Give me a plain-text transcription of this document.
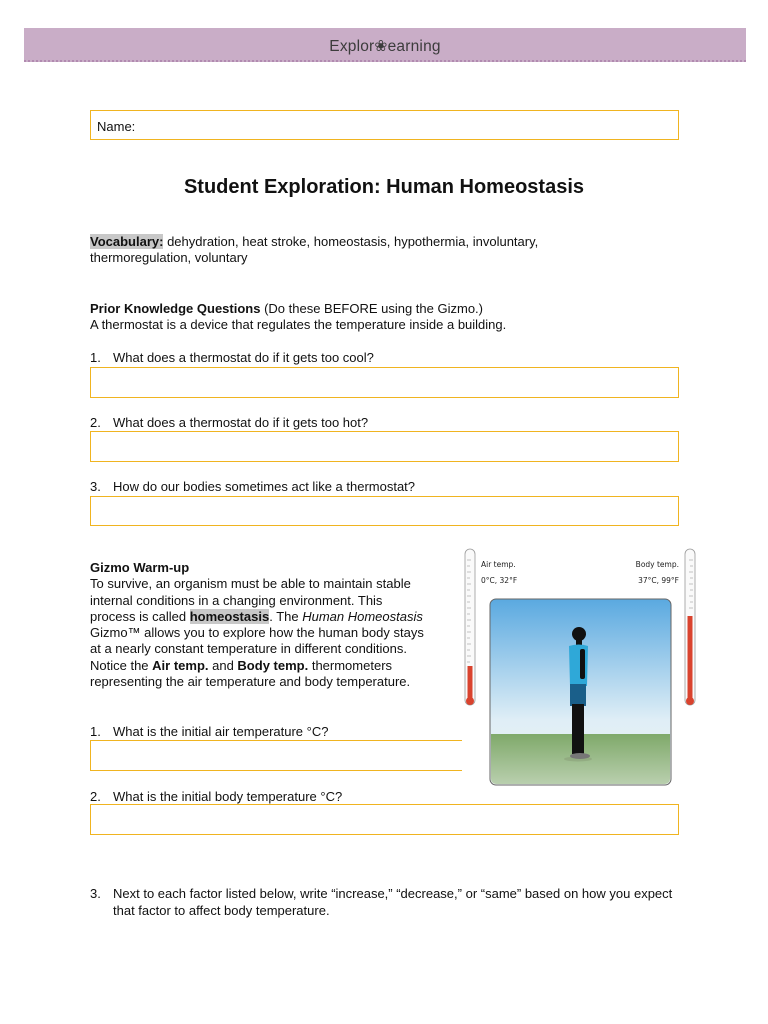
Explor❀earning
Name:
Student Exploration: Human Homeostasis
Vocabulary: dehydration, heat stroke, homeostasis, hypothermia, involuntary,
thermoregulation, voluntary
Prior Knowledge Questions (Do these BEFORE using the Gizmo.)
A thermostat is a device that regulates the temperature inside a building.
1. What does a thermostat do if it gets too cool?
2. What does a thermostat do if it gets too hot?
3. How do our bodies sometimes act like a thermostat?
Gizmo Warm-up
To survive, an organism must be able to maintain stable internal conditions in a changing environment. This process is called homeostasis. The Human Homeostasis Gizmo™ allows you to explore how the human body stays at a nearly constant temperature in different conditions. Notice the Air temp. and Body temp. thermometers representing the air temperature and body temperature.
1. What is the initial air temperature °C?
2. What is the initial body temperature °C?
3. Next to each factor listed below, write “increase,” “decrease,” or “same” based on how you expect that factor to affect body temperature.
Air temp.
0°C, 32°F
Body temp.
37°C, 99°F
